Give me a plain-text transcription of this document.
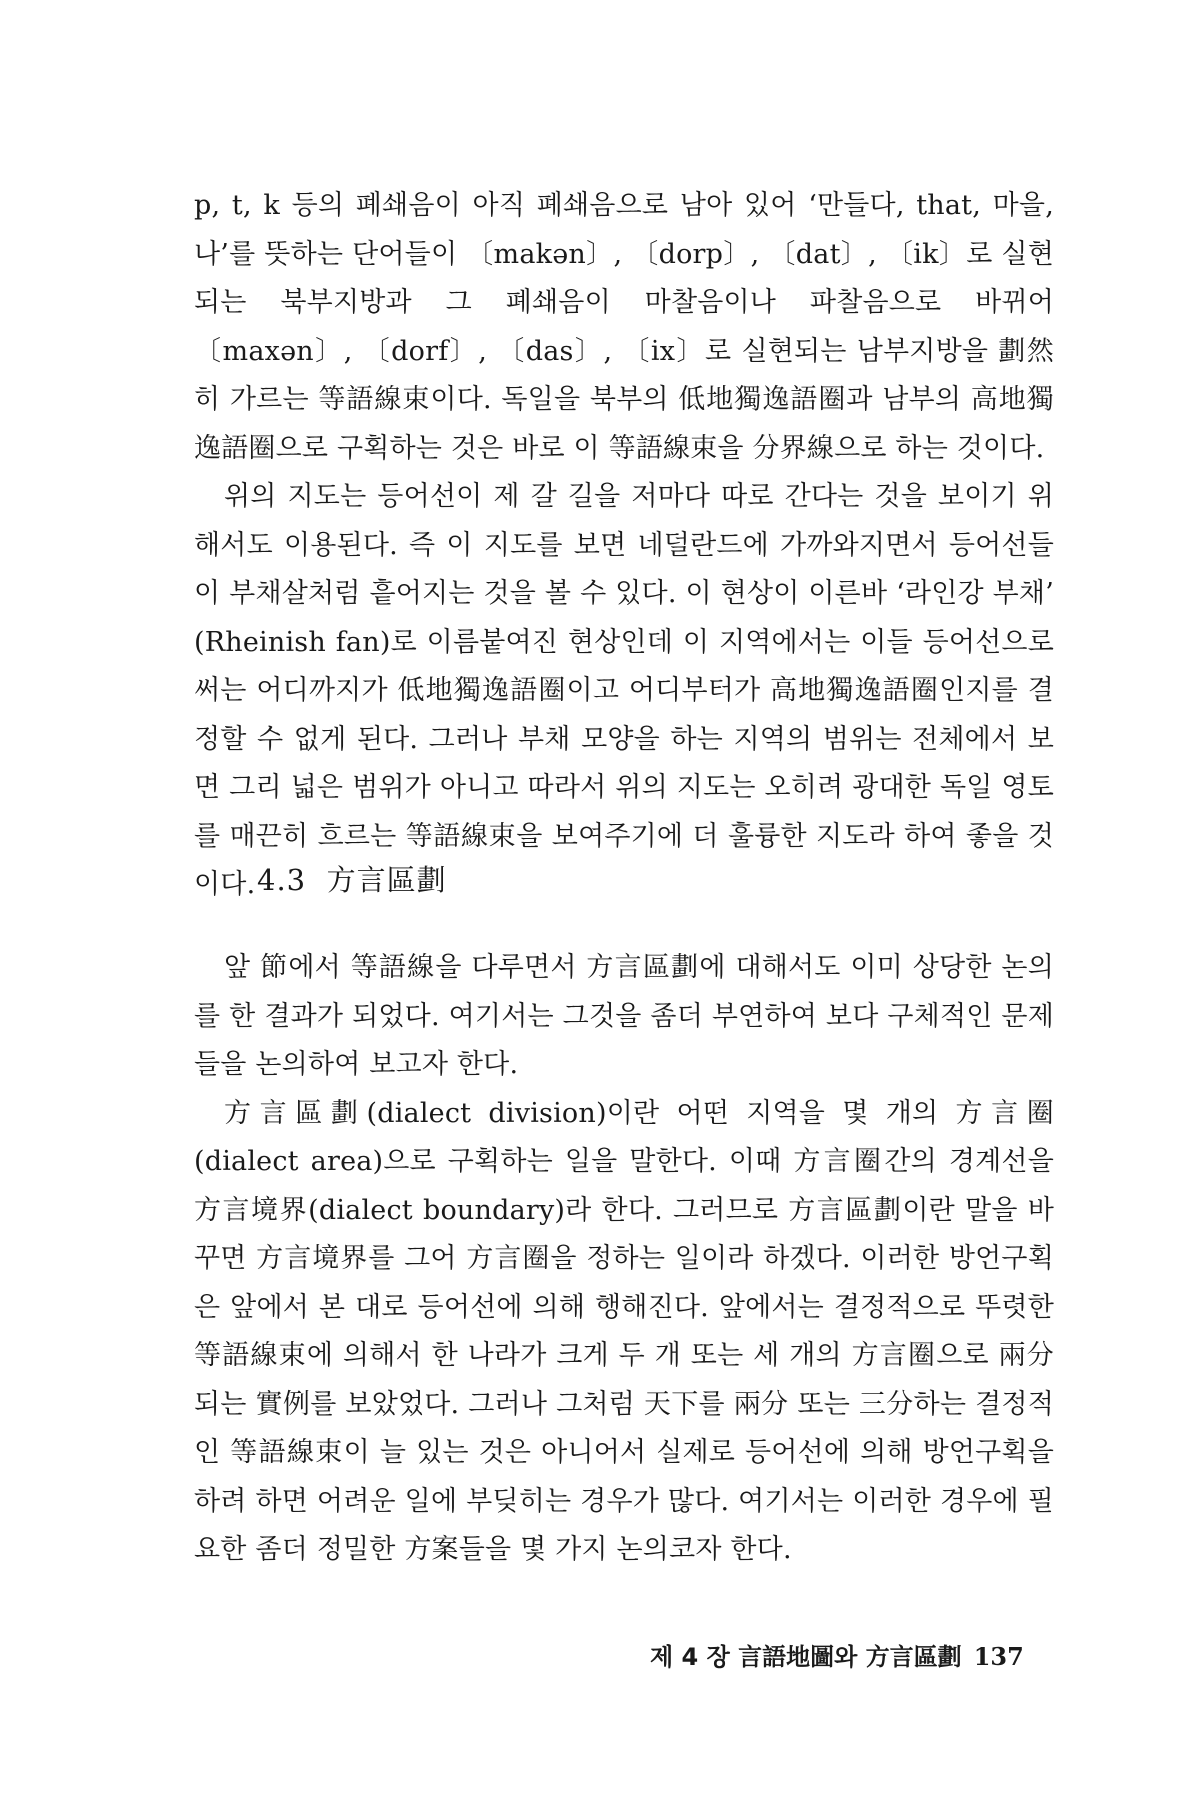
p, t, k 등의 폐쇄음이 아직 폐쇄음으로 남아 있어 ‘만들다, that, 마을, 나’를 뜻하는 단어들이 〔makən〕, 〔dorp〕, 〔dat〕, 〔ik〕로 실현되는 북부지방과 그 폐쇄음이 마찰음이나 파찰음으로 바뀌어 〔maxən〕, 〔dorf〕, 〔das〕, 〔ix〕로 실현되는 남부지방을 劃然히 가르는 等語線束이다. 독일을 북부의 低地獨逸語圈과 남부의 高地獨逸語圈으로 구획하는 것은 바로 이 等語線束을 分界線으로 하는 것이다.

위의 지도는 등어선이 제 갈 길을 저마다 따로 간다는 것을 보이기 위해서도 이용된다. 즉 이 지도를 보면 네덜란드에 가까와지면서 등어선들이 부채살처럼 흩어지는 것을 볼 수 있다. 이 현상이 이른바 ‘라인강 부채’ (Rheinish fan)로 이름붙여진 현상인데 이 지역에서는 이들 등어선으로써는 어디까지가 低地獨逸語圈이고 어디부터가 高地獨逸語圈인지를 결정할 수 없게 된다. 그러나 부채 모양을 하는 지역의 범위는 전체에서 보면 그리 넓은 범위가 아니고 따라서 위의 지도는 오히려 광대한 독일 영토를 매끈히 흐르는 等語線束을 보여주기에 더 훌륭한 지도라 하여 좋을 것이다. 4.3 方言區劃

앞 節에서 等語線을 다루면서 方言區劃에 대해서도 이미 상당한 논의를 한 결과가 되었다. 여기서는 그것을 좀더 부연하여 보다 구체적인 문제들을 논의하여 보고자 한다.

方言區劃(dialect division)이란 어떤 지역을 몇 개의 方言圈(dialect area)으로 구획하는 일을 말한다. 이때 方言圈간의 경계선을 方言境界(dialect boundary)라 한다. 그러므로 方言區劃이란 말을 바꾸면 方言境界를 그어 方言圈을 정하는 일이라 하겠다. 이러한 방언구획은 앞에서 본 대로 등어선에 의해 행해진다. 앞에서는 결정적으로 뚜렷한 等語線束에 의해서 한 나라가 크게 두 개 또는 세 개의 方言圈으로 兩分되는 實例를 보았었다. 그러나 그처럼 天下를 兩分 또는 三分하는 결정적인 等語線束이 늘 있는 것은 아니어서 실제로 등어선에 의해 방언구획을 하려 하면 어려운 일에 부딪히는 경우가 많다. 여기서는 이러한 경우에 필요한 좀더 정밀한 方案들을 몇 가지 논의코자 한다.

제 4 장 言語地圖와 方言區劃 137
